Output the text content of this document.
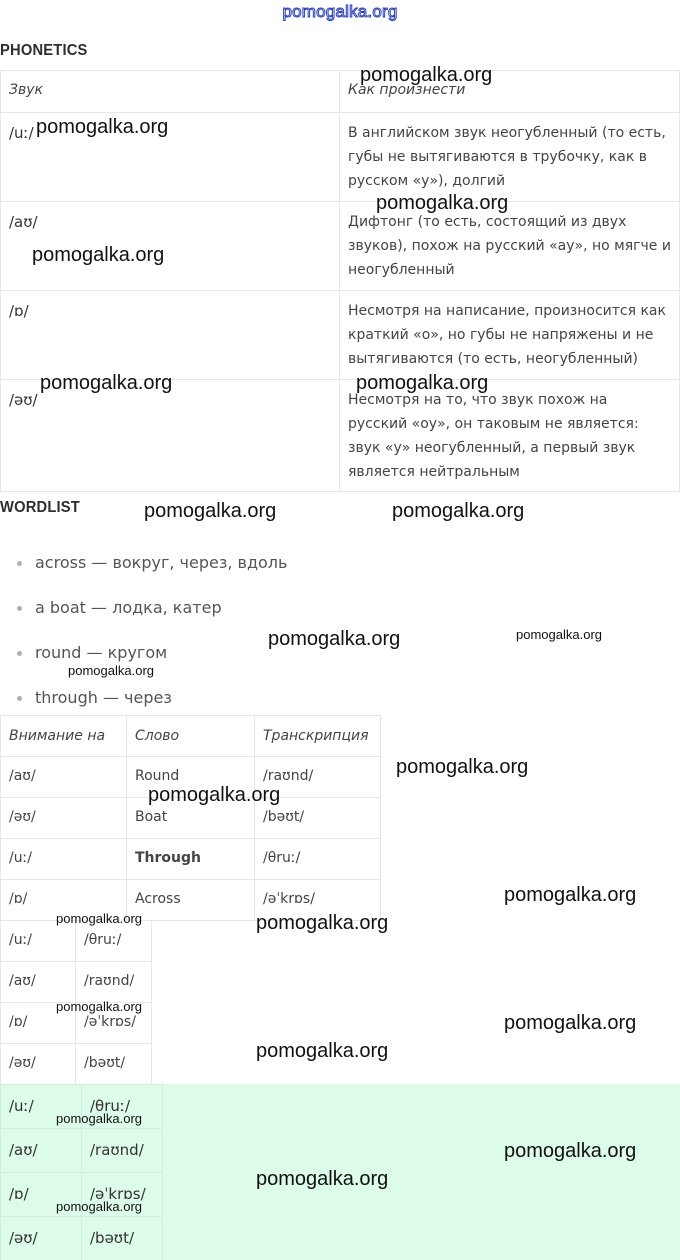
pomogalka.org
PHONETICS
Звук	Как произнести
/uː/	В английском звук неогубленный (то есть, губы не вытягиваются в трубочку, как в русском «у»), долгий
/aʊ/	Дифтонг (то есть, состоящий из двух звуков), похож на русский «ау», но мягче и неогубленный
/ɒ/	Несмотря на написание, произносится как краткий «о», но губы не напряжены и не вытягиваются (то есть, неогубленный)
/əʊ/	Несмотря на то, что звук похож на русский «оу», он таковым не является: звук «у» неогубленный, а первый звук является нейтральным
WORDLIST
across — вокруг, через, вдоль
a boat — лодка, катер
round — кругом
through — через
Внимание на	Слово	Транскрипция
/aʊ/	Round	/raʊnd/
/əʊ/	Boat	/bəʊt/
/uː/	Through	/θruː/
/ɒ/	Across	/əˈkrɒs/
/uː/	/θruː/
/aʊ/	/raʊnd/
/ɒ/	/əˈkrɒs/
/əʊ/	/bəʊt/
/uː/	/θruː/
/aʊ/	/raʊnd/
/ɒ/	/əˈkrɒs/
/əʊ/	/bəʊt/
pomogalka.org
pomogalka.org
pomogalka.org
pomogalka.org
pomogalka.org	pomogalka.org
pomogalka.org	pomogalka.org
pomogalka.org	pomogalka.org
pomogalka.org
pomogalka.org
pomogalka.org
pomogalka.org
pomogalka.org	pomogalka.org
pomogalka.org
pomogalka.org
pomogalka.org
pomogalka.org
pomogalka.org
pomogalka.org
pomogalka.org
